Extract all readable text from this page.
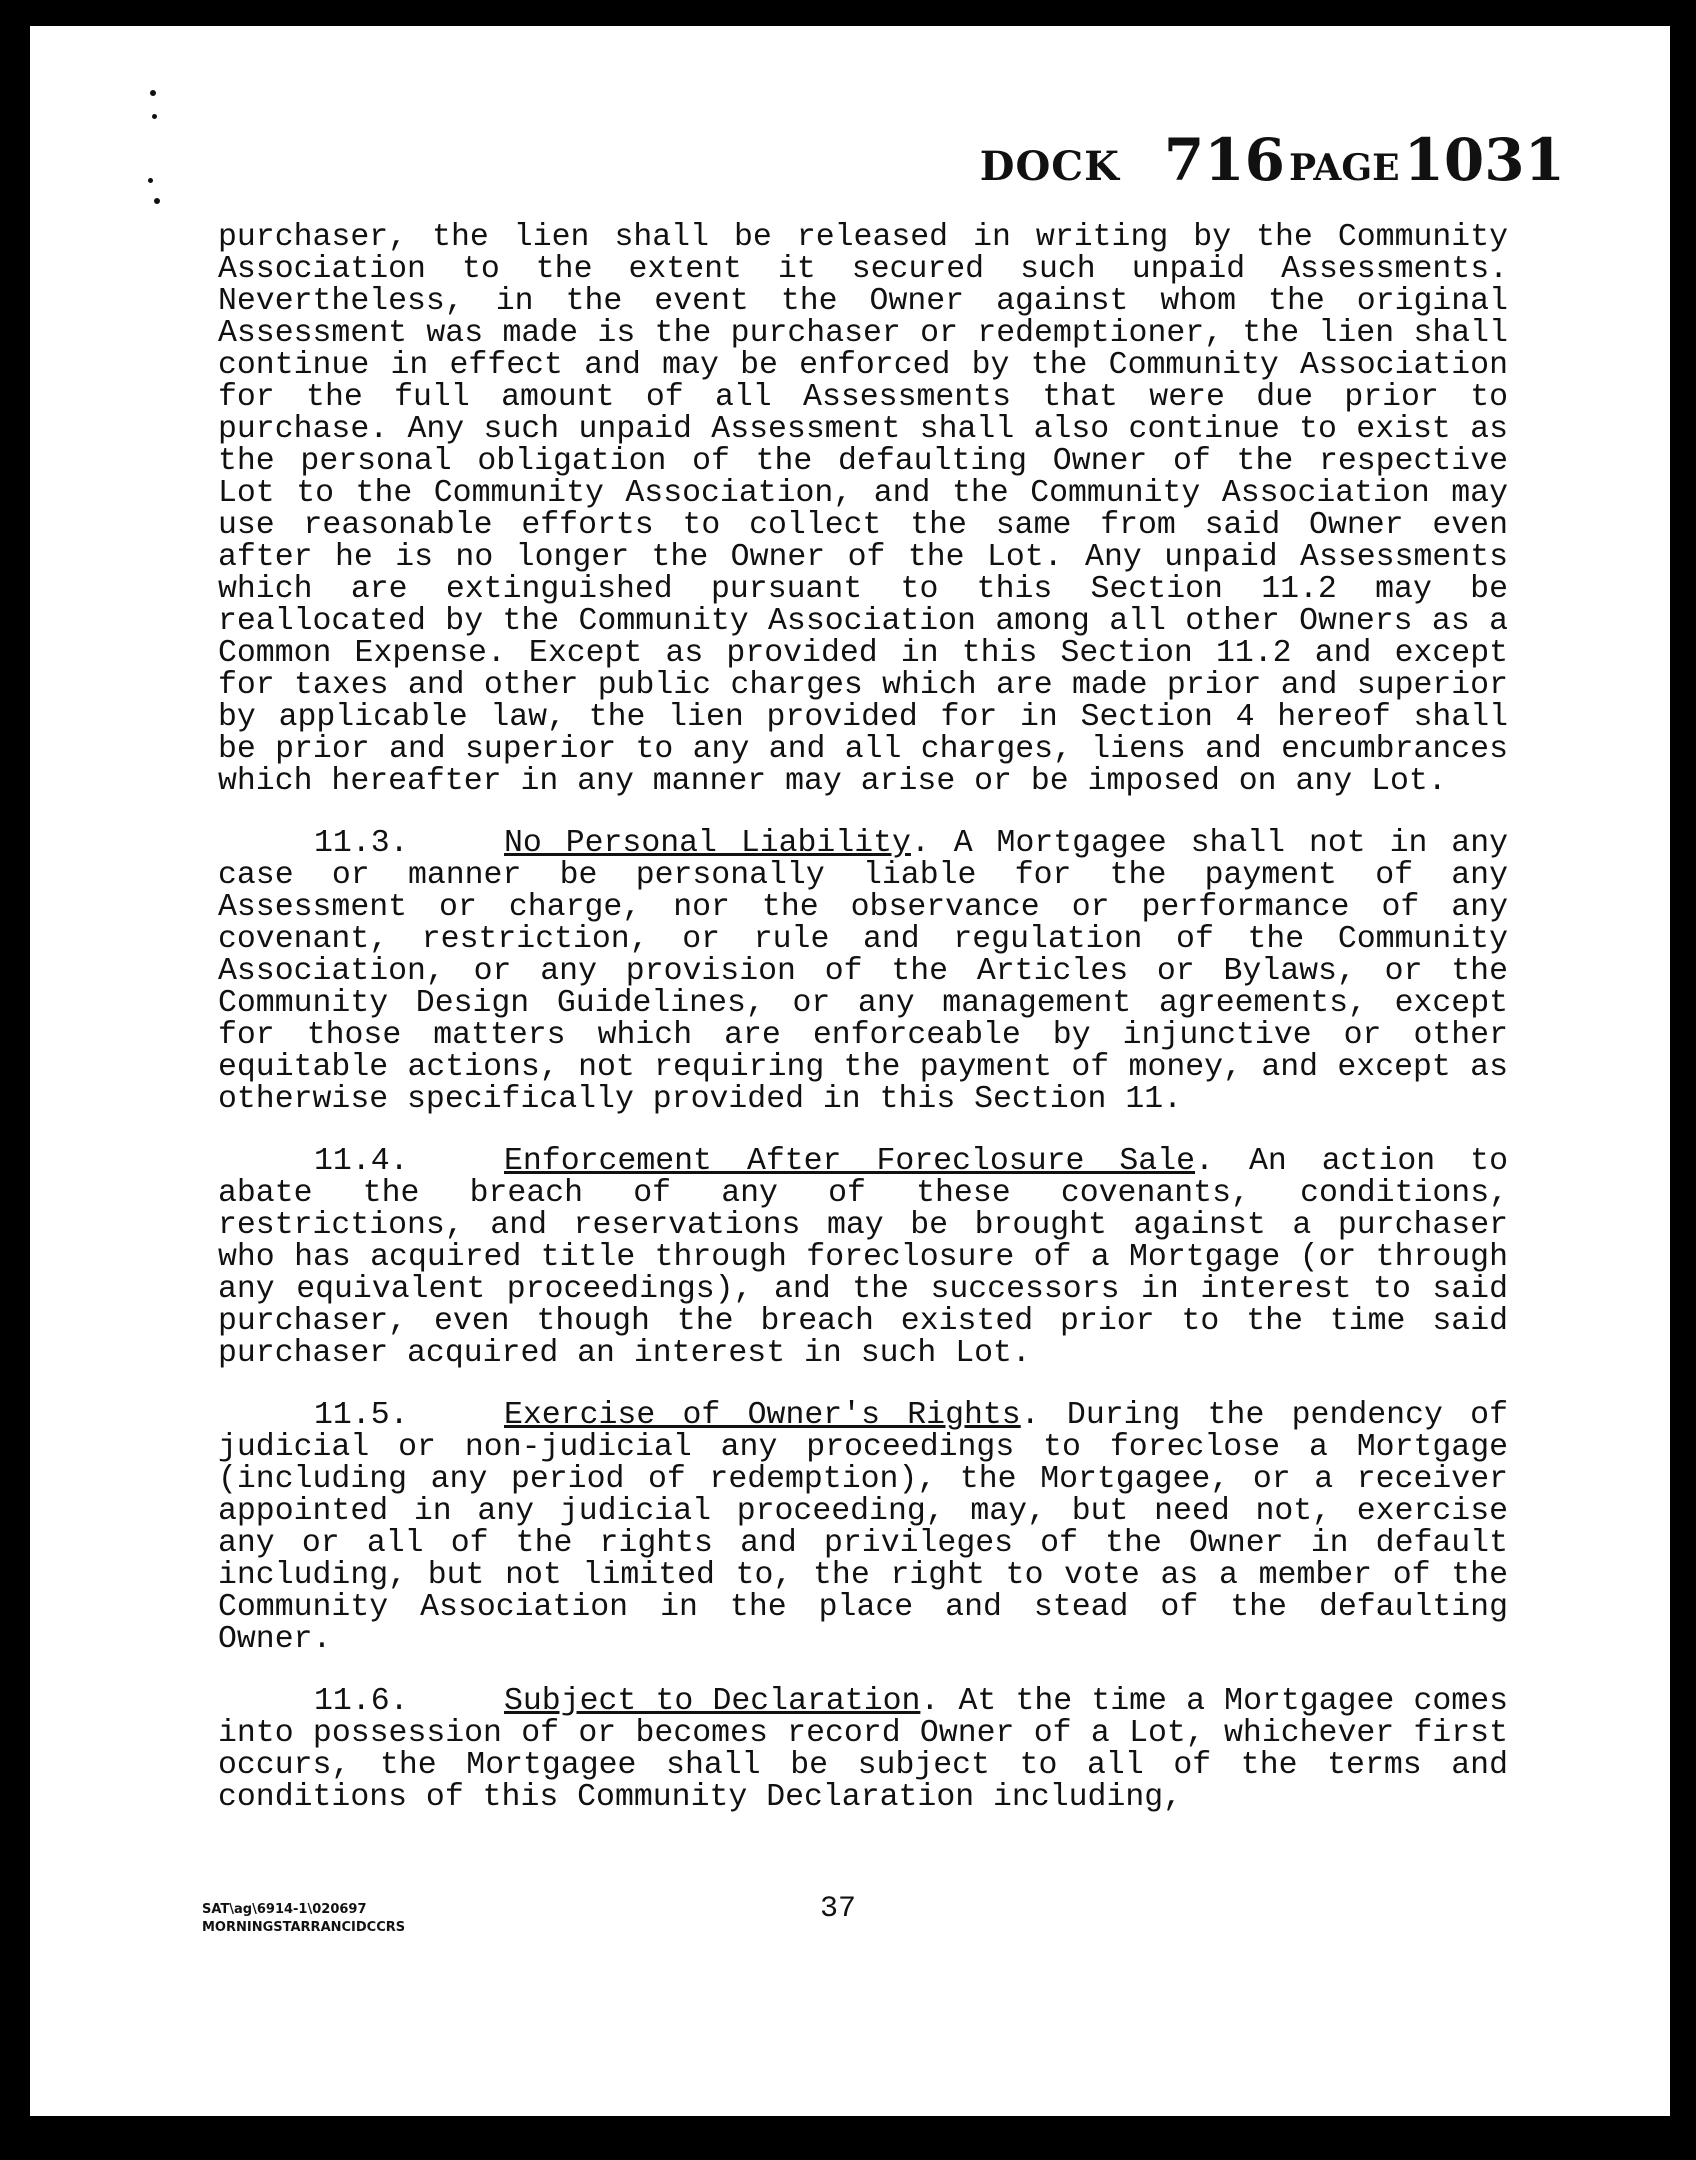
DOCK 716 PAGE 1031

purchaser, the lien shall be released in writing by the Community Association to the extent it secured such unpaid Assessments. Nevertheless, in the event the Owner against whom the original Assessment was made is the purchaser or redemptioner, the lien shall continue in effect and may be enforced by the Community Association for the full amount of all Assessments that were due prior to purchase. Any such unpaid Assessment shall also continue to exist as the personal obligation of the defaulting Owner of the respective Lot to the Community Association, and the Community Association may use reasonable efforts to collect the same from said Owner even after he is no longer the Owner of the Lot. Any unpaid Assessments which are extinguished pursuant to this Section 11.2 may be reallocated by the Community Association among all other Owners as a Common Expense. Except as provided in this Section 11.2 and except for taxes and other public charges which are made prior and superior by applicable law, the lien provided for in Section 4 hereof shall be prior and superior to any and all charges, liens and encumbrances which hereafter in any manner may arise or be imposed on any Lot.

11.3.	No Personal Liability. A Mortgagee shall not in any case or manner be personally liable for the payment of any Assessment or charge, nor the observance or performance of any covenant, restriction, or rule and regulation of the Community Association, or any provision of the Articles or Bylaws, or the Community Design Guidelines, or any management agreements, except for those matters which are enforceable by injunctive or other equitable actions, not requiring the payment of money, and except as otherwise specifically provided in this Section 11.

11.4.	Enforcement After Foreclosure Sale. An action to abate the breach of any of these covenants, conditions, restrictions, and reservations may be brought against a purchaser who has acquired title through foreclosure of a Mortgage (or through any equivalent proceedings), and the successors in interest to said purchaser, even though the breach existed prior to the time said purchaser acquired an interest in such Lot.

11.5.	Exercise of Owner's Rights. During the pendency of judicial or non-judicial any proceedings to foreclose a Mortgage (including any period of redemption), the Mortgagee, or a receiver appointed in any judicial proceeding, may, but need not, exercise any or all of the rights and privileges of the Owner in default including, but not limited to, the right to vote as a member of the Community Association in the place and stead of the defaulting Owner.

11.6.	Subject to Declaration. At the time a Mortgagee comes into possession of or becomes record Owner of a Lot, whichever first occurs, the Mortgagee shall be subject to all of the terms and conditions of this Community Declaration including,

SAT\ag\6914-1\020697
MORNINGSTARRANCIDCCRS
37
